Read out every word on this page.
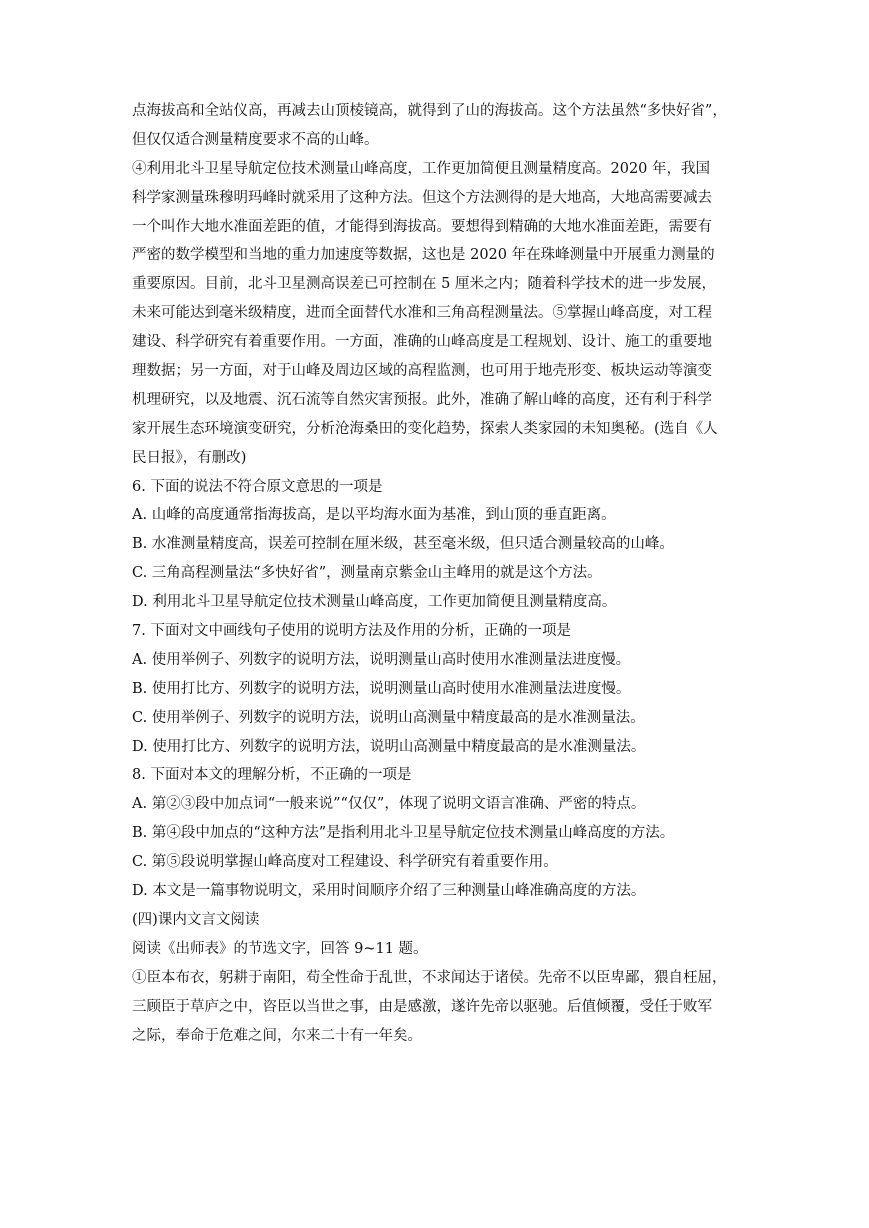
点海拔高和全站仪高，再减去山顶棱镜高，就得到了山的海拔高。这个方法虽然“多快好省”，
但仅仅适合测量精度要求不高的山峰。
④利用北斗卫星导航定位技术测量山峰高度，工作更加简便且测量精度高。2020 年，我国
科学家测量珠穆明玛峰时就采用了这种方法。但这个方法测得的是大地高，大地高需要减去
一个叫作大地水准面差距的值，才能得到海拔高。要想得到精确的大地水准面差距，需要有
严密的数学模型和当地的重力加速度等数据，这也是 2020 年在珠峰测量中开展重力测量的
重要原因。目前，北斗卫星测高误差已可控制在 5 厘米之内；随着科学技术的进一步发展，
未来可能达到毫米级精度，进而全面替代水准和三角高程测量法。⑤掌握山峰高度，对工程
建设、科学研究有着重要作用。一方面，准确的山峰高度是工程规划、设计、施工的重要地
理数据；另一方面，对于山峰及周边区域的高程监测，也可用于地壳形变、板块运动等演变
机理研究，以及地震、沉石流等自然灾害预报。此外，准确了解山峰的高度，还有利于科学
家开展生态环境演变研究，分析沧海桑田的变化趋势，探索人类家园的未知奥秘。(选自《人
民日报》，有删改)
6. 下面的说法不符合原文意思的一项是
A. 山峰的高度通常指海拔高，是以平均海水面为基准，到山顶的垂直距离。
B. 水准测量精度高，误差可控制在厘米级，甚至毫米级，但只适合测量较高的山峰。
C. 三角高程测量法“多快好省”，测量南京紫金山主峰用的就是这个方法。
D. 利用北斗卫星导航定位技术测量山峰高度，工作更加简便且测量精度高。
7. 下面对文中画线句子使用的说明方法及作用的分析，正确的一项是
A. 使用举例子、列数字的说明方法，说明测量山高时使用水准测量法进度慢。
B. 使用打比方、列数字的说明方法，说明测量山高时使用水准测量法进度慢。
C. 使用举例子、列数字的说明方法，说明山高测量中精度最高的是水准测量法。
D. 使用打比方、列数字的说明方法，说明山高测量中精度最高的是水准测量法。
8. 下面对本文的理解分析，不正确的一项是
A. 第②③段中加点词“一般来说”“仅仅”，体现了说明文语言准确、严密的特点。
B. 第④段中加点的“这种方法”是指利用北斗卫星导航定位技术测量山峰高度的方法。
C. 第⑤段说明掌握山峰高度对工程建设、科学研究有着重要作用。
D. 本文是一篇事物说明文，采用时间顺序介绍了三种测量山峰准确高度的方法。
(四)课内文言文阅读
阅读《出师表》的节选文字，回答 9~11 题。
①臣本布衣，躬耕于南阳，苟全性命于乱世，不求闻达于诸侯。先帝不以臣卑鄙，猥自枉屈，
三顾臣于草庐之中，咨臣以当世之事，由是感激，遂许先帝以驱驰。后值倾覆，受任于败军
之际，奉命于危难之间，尔来二十有一年矣。
